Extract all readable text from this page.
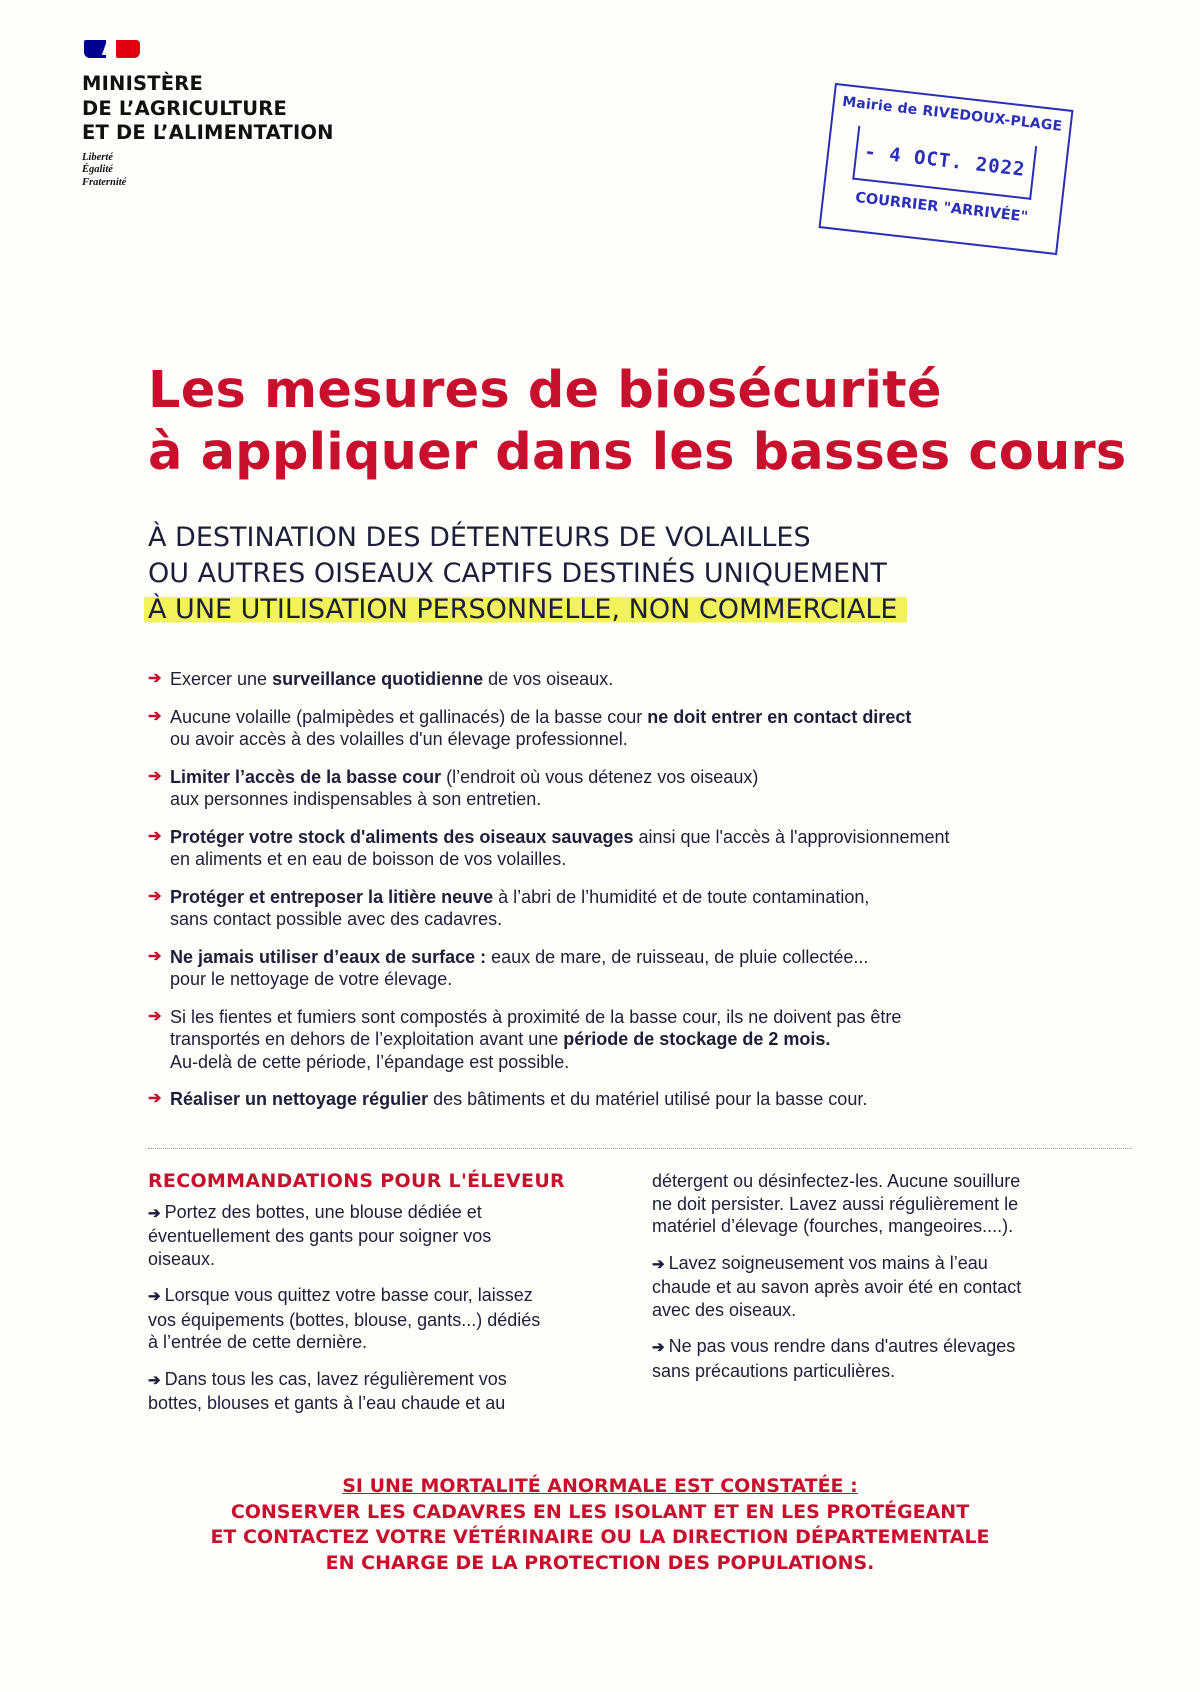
MINISTÈRE
DE L’AGRICULTURE
ET DE L’ALIMENTATION
Liberté
Égalité
Fraternité
Mairie de RIVEDOUX-PLAGE
- 4 OCT. 2022
COURRIER "ARRIVÉE"
Les mesures de biosécurité
à appliquer dans les basses cours
À DESTINATION DES DÉTENTEURS DE VOLAILLES
OU AUTRES OISEAUX CAPTIFS DESTINÉS UNIQUEMENT
À UNE UTILISATION PERSONNELLE, NON COMMERCIALE
➔ Exercer une surveillance quotidienne de vos oiseaux.
➔ Aucune volaille (palmipèdes et gallinacés) de la basse cour ne doit entrer en contact direct
ou avoir accès à des volailles d'un élevage professionnel.
➔ Limiter l’accès de la basse cour (l’endroit où vous détenez vos oiseaux)
aux personnes indispensables à son entretien.
➔ Protéger votre stock d'aliments des oiseaux sauvages ainsi que l'accès à l'approvisionnement
en aliments et en eau de boisson de vos volailles.
➔ Protéger et entreposer la litière neuve à l’abri de l’humidité et de toute contamination,
sans contact possible avec des cadavres.
➔ Ne jamais utiliser d’eaux de surface : eaux de mare, de ruisseau, de pluie collectée...
pour le nettoyage de votre élevage.
➔ Si les fientes et fumiers sont compostés à proximité de la basse cour, ils ne doivent pas être
transportés en dehors de l’exploitation avant une période de stockage de 2 mois.
Au-delà de cette période, l’épandage est possible.
➔ Réaliser un nettoyage régulier des bâtiments et du matériel utilisé pour la basse cour.
RECOMMANDATIONS POUR L'ÉLEVEUR
➔ Portez des bottes, une blouse dédiée et
éventuellement des gants pour soigner vos
oiseaux.
➔ Lorsque vous quittez votre basse cour, laissez
vos équipements (bottes, blouse, gants...) dédiés
à l’entrée de cette dernière.
➔ Dans tous les cas, lavez régulièrement vos
bottes, blouses et gants à l’eau chaude et au
détergent ou désinfectez-les. Aucune souillure
ne doit persister. Lavez aussi régulièrement le
matériel d’élevage (fourches, mangeoires....).
➔ Lavez soigneusement vos mains à l’eau
chaude et au savon après avoir été en contact
avec des oiseaux.
➔ Ne pas vous rendre dans d'autres élevages
sans précautions particulières.
SI UNE MORTALITÉ ANORMALE EST CONSTATÉE :
CONSERVER LES CADAVRES EN LES ISOLANT ET EN LES PROTÉGEANT
ET CONTACTEZ VOTRE VÉTÉRINAIRE OU LA DIRECTION DÉPARTEMENTALE
EN CHARGE DE LA PROTECTION DES POPULATIONS.
